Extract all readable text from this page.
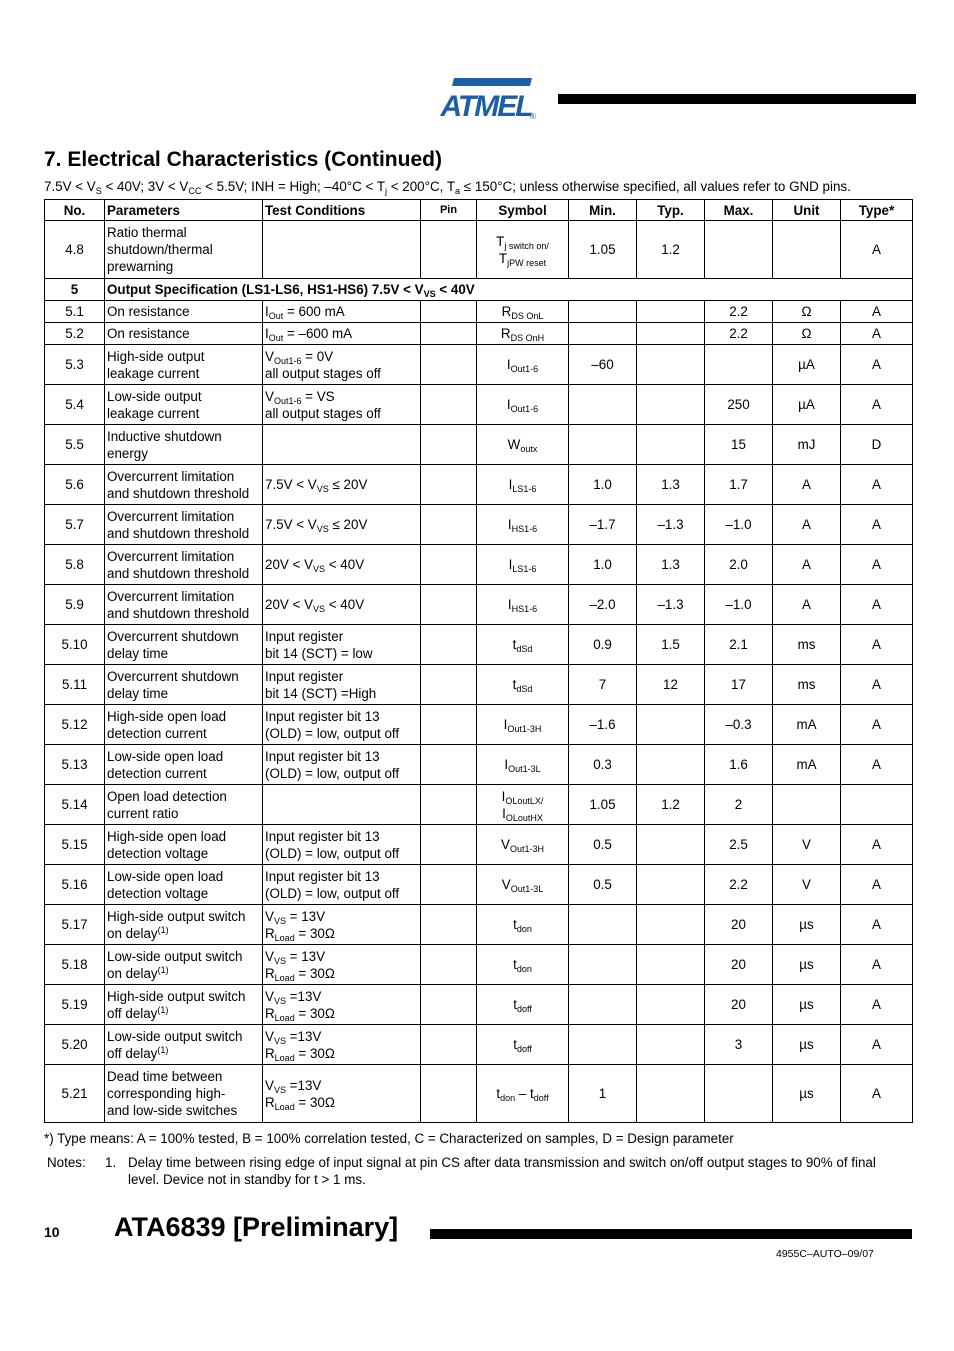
ATMEL
®
7. Electrical Characteristics (Continued)
$7.5V < V_S < 40V$; $3V < V_{CC} < 5.5V$; INH = High; $-40^\circ C < T_j < 200^\circ C$, $T_a \le 150^\circ C$; unless otherwise specified, all values refer to GND pins.
No.	Parameters	Test Conditions	Pin	Symbol	Min.	Typ.	Max.	Unit	Type*
4.8	Ratio thermal
shutdown/thermal
prewarning			$T_{j switch on/}$
$T_{jPW reset}$	1.05	1.2			A
5	Output Specification (LS1-LS6, HS1-HS6) $7.5V < V_{VS} < 40V$								
5.1	On resistance	$I_{Out} = 600$ mA		$R_{DS OnL}$			2.2	Ω	A
5.2	On resistance	$I_{Out} = -600$ mA		$R_{DS OnH}$			2.2	Ω	A
5.3	High-side output
leakage current	$V_{Out1-6} = 0V$
all output stages off		$I_{Out1-6}$	–60			µA	A
5.4	Low-side output
leakage current	$V_{Out1-6}$ = VS
all output stages off		$I_{Out1-6}$			250	µA	A
5.5	Inductive shutdown
energy			$W_{outx}$			15	mJ	D
5.6	Overcurrent limitation
and shutdown threshold	$7.5V < V_{VS} \le 20V$		$I_{LS1-6}$	1.0	1.3	1.7	A	A
5.7	Overcurrent limitation
and shutdown threshold	$7.5V < V_{VS} \le 20V$		$I_{HS1-6}$	–1.7	–1.3	–1.0	A	A
5.8	Overcurrent limitation
and shutdown threshold	$20V < V_{VS} < 40V$		$I_{LS1-6}$	1.0	1.3	2.0	A	A
5.9	Overcurrent limitation
and shutdown threshold	$20V < V_{VS} < 40V$		$I_{HS1-6}$	–2.0	–1.3	–1.0	A	A
5.10	Overcurrent shutdown
delay time	Input register
bit 14 (SCT) = low		$t_{dSd}$	0.9	1.5	2.1	ms	A
5.11	Overcurrent shutdown
delay time	Input register
bit 14 (SCT) =High		$t_{dSd}$	7	12	17	ms	A
5.12	High-side open load
detection current	Input register bit 13
(OLD) = low, output off		$I_{Out1-3H}$	–1.6		–0.3	mA	A
5.13	Low-side open load
detection current	Input register bit 13
(OLD) = low, output off		$I_{Out1-3L}$	0.3		1.6	mA	A
5.14	Open load detection
current ratio			$I_{OLoutLX/}$
$I_{OLoutHX}$	1.05	1.2	2		
5.15	High-side open load
detection voltage	Input register bit 13
(OLD) = low, output off		$V_{Out1-3H}$	0.5		2.5	V	A
5.16	Low-side open load
detection voltage	Input register bit 13
(OLD) = low, output off		$V_{Out1-3L}$	0.5		2.2	V	A
5.17	High-side output switch
on delay$^{(1)}$	$V_{VS} = 13V$
$R_{Load} = 30\Omega$		$t_{don}$			20	µs	A
5.18	Low-side output switch
on delay$^{(1)}$	$V_{VS} = 13V$
$R_{Load} = 30\Omega$		$t_{don}$			20	µs	A
5.19	High-side output switch
off delay$^{(1)}$	$V_{VS} =13V$
$R_{Load} = 30\Omega$		$t_{doff}$			20	µs	A
5.20	Low-side output switch
off delay$^{(1)}$	$V_{VS} =13V$
$R_{Load} = 30\Omega$		$t_{doff}$			3	µs	A
5.21	Dead time between
corresponding high-
and low-side switches	$V_{VS} =13V$
$R_{Load} = 30\Omega$		$t_{don} - t_{doff}$	1			µs	A
*) Type means: A = 100% tested, B = 100% correlation tested, C = Characterized on samples, D = Design parameter
Notes: 1. Delay time between rising edge of input signal at pin CS after data transmission and switch on/off output stages to 90% of final level. Device not in standby for t > 1 ms.
10 ATA6839 [Preliminary]
4955C–AUTO–09/07
